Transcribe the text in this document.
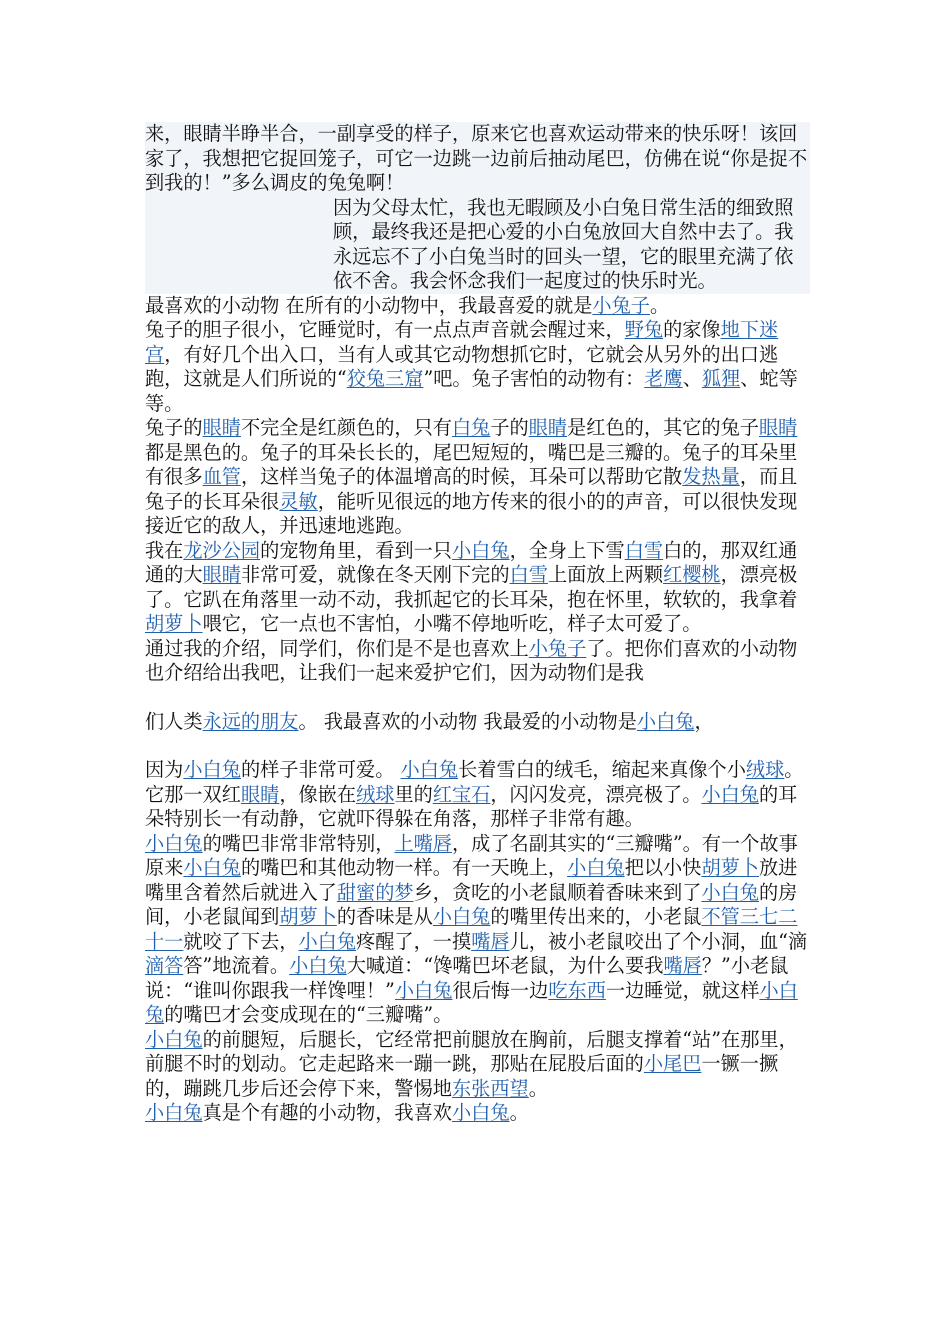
来，眼睛半睁半合，一副享受的样子，原来它也喜欢运动带来的快乐呀！该回家了，我想把它捉回笼子，可它一边跳一边前后抽动尾巴，仿佛在说“你是捉不到我的！”多么调皮的兔兔啊！

因为父母太忙，我也无暇顾及小白兔日常生活的细致照顾，最终我还是把心爱的小白兔放回大自然中去了。我永远忘不了小白兔当时的回头一望，它的眼里充满了依依不舍。我会怀念我们一起度过的快乐时光。

最喜欢的小动物 在所有的小动物中，我最喜爱的就是小兔子。

兔子的胆子很小，它睡觉时，有一点点声音就会醒过来，野兔的家像地下迷宫，有好几个出入口，当有人或其它动物想抓它时，它就会从另外的出口逃跑，这就是人们所说的“狡兔三窟”吧。兔子害怕的动物有：老鹰、狐狸、蛇等等。

兔子的眼睛不完全是红颜色的，只有白兔子的眼睛是红色的，其它的兔子眼睛都是黑色的。兔子的耳朵长长的，尾巴短短的，嘴巴是三瓣的。兔子的耳朵里有很多血管，这样当兔子的体温增高的时候，耳朵可以帮助它散发热量，而且兔子的长耳朵很灵敏，能听见很远的地方传来的很小的的声音，可以很快发现接近它的敌人，并迅速地逃跑。

我在龙沙公园的宠物角里，看到一只小白兔，全身上下雪白雪白的，那双红通通的大眼睛非常可爱，就像在冬天刚下完的白雪上面放上两颗红樱桃，漂亮极了。它趴在角落里一动不动，我抓起它的长耳朵，抱在怀里，软软的，我拿着胡萝卜喂它，它一点也不害怕，小嘴不停地听吃，样子太可爱了。

通过我的介绍，同学们，你们是不是也喜欢上小兔子了。把你们喜欢的小动物也介绍给出我吧，让我们一起来爱护它们，因为动物们是我

们人类永远的朋友。 我最喜欢的小动物 我最爱的小动物是小白兔，

因为小白兔的样子非常可爱。 小白兔长着雪白的绒毛，缩起来真像个小绒球。它那一双红眼睛，像嵌在绒球里的红宝石，闪闪发亮，漂亮极了。小白兔的耳朵特别长一有动静，它就吓得躲在角落，那样子非常有趣。

小白兔的嘴巴非常非常特别，上嘴唇，成了名副其实的“三瓣嘴”。有一个故事原来小白兔的嘴巴和其他动物一样。有一天晚上，小白兔把以小快胡萝卜放进嘴里含着然后就进入了甜蜜的梦乡，贪吃的小老鼠顺着香味来到了小白兔的房间，小老鼠闻到胡萝卜的香味是从小白兔的嘴里传出来的，小老鼠不管三七二十一就咬了下去，小白兔疼醒了，一摸嘴唇儿，被小老鼠咬出了个小洞，血“滴滴答答”地流着。小白兔大喊道：“馋嘴巴坏老鼠，为什么要我嘴唇？”小老鼠说：“谁叫你跟我一样馋哩！”小白兔很后悔一边吃东西一边睡觉，就这样小白兔的嘴巴才会变成现在的“三瓣嘴”。

小白兔的前腿短，后腿长，它经常把前腿放在胸前，后腿支撑着“站”在那里，前腿不时的划动。它走起路来一蹦一跳，那贴在屁股后面的小尾巴一镢一撅的，蹦跳几步后还会停下来，警惕地东张西望。

小白兔真是个有趣的小动物，我喜欢小白兔。
